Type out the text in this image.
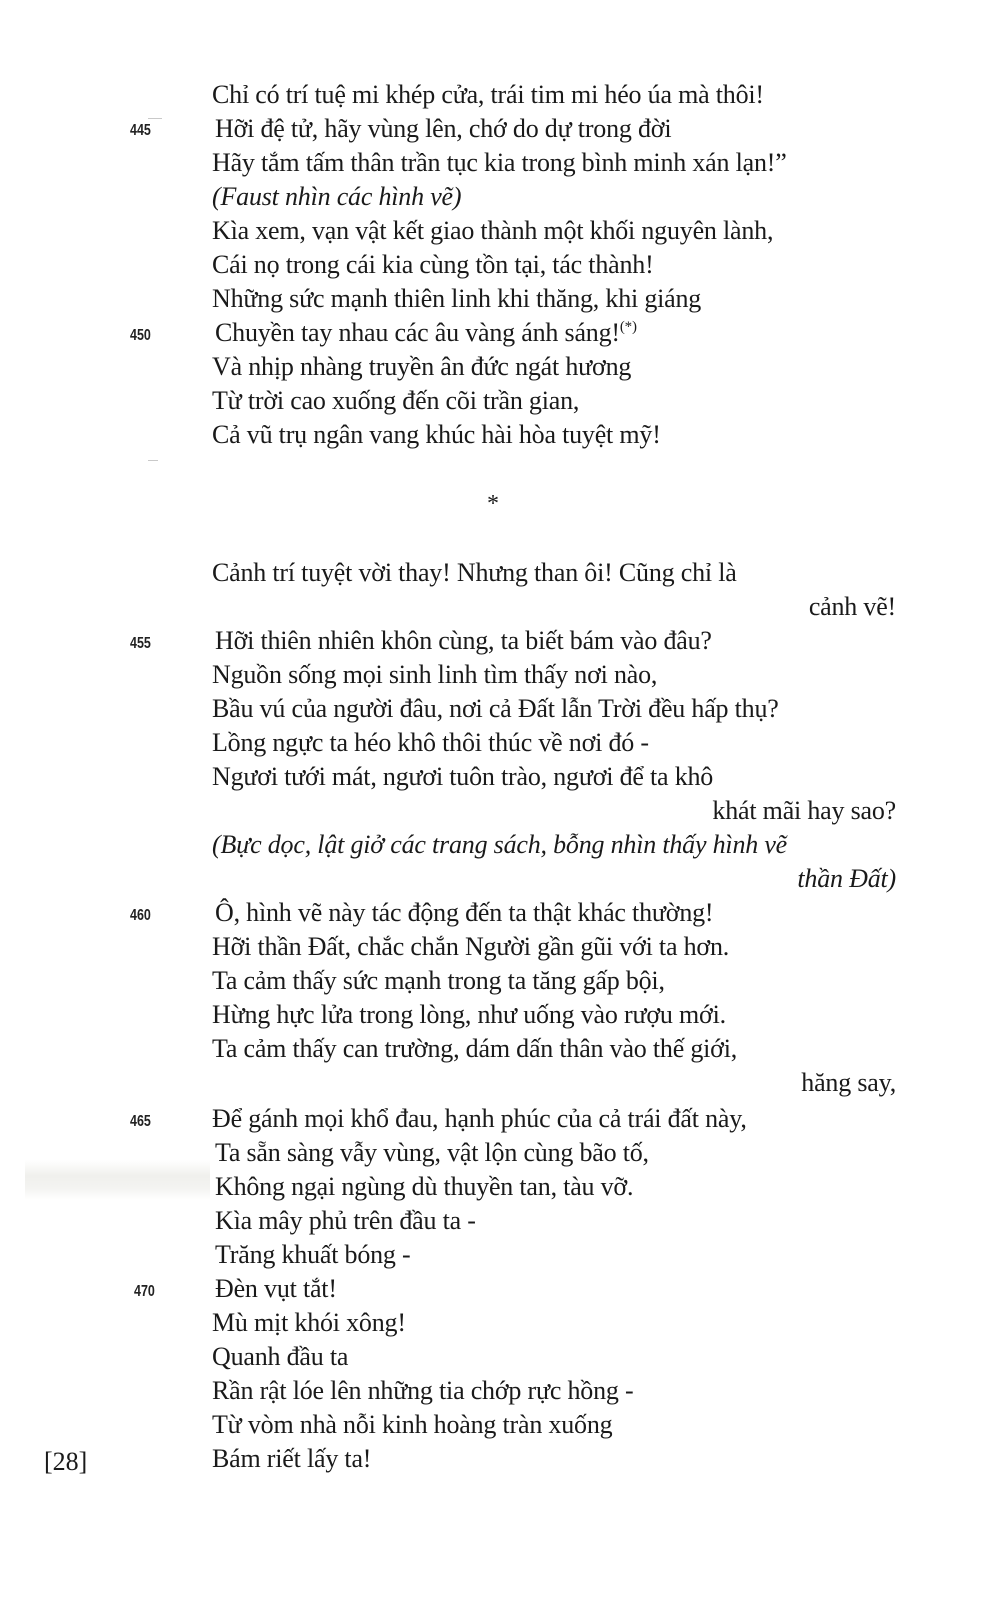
Chỉ có trí tuệ mi khép cửa, trái tim mi héo úa mà thôi!
445 Hỡi đệ tử, hãy vùng lên, chớ do dự trong đời
Hãy tắm tấm thân trần tục kia trong bình minh xán lạn!”
(Faust nhìn các hình vẽ)
Kìa xem, vạn vật kết giao thành một khối nguyên lành,
Cái nọ trong cái kia cùng tồn tại, tác thành!
Những sức mạnh thiên linh khi thăng, khi giáng
450 Chuyền tay nhau các âu vàng ánh sáng!(*)
Và nhịp nhàng truyền ân đức ngát hương
Từ trời cao xuống đến cõi trần gian,
Cả vũ trụ ngân vang khúc hài hòa tuyệt mỹ!
*
Cảnh trí tuyệt vời thay! Nhưng than ôi! Cũng chỉ là
cảnh vẽ!
455 Hỡi thiên nhiên khôn cùng, ta biết bám vào đâu?
Nguồn sống mọi sinh linh tìm thấy nơi nào,
Bầu vú của người đâu, nơi cả Đất lẫn Trời đều hấp thụ?
Lồng ngực ta héo khô thôi thúc về nơi đó -
Ngươi tưới mát, ngươi tuôn trào, ngươi để ta khô
khát mãi hay sao?
(Bực dọc, lật giở các trang sách, bỗng nhìn thấy hình vẽ
thần Đất)
460 Ô, hình vẽ này tác động đến ta thật khác thường!
Hỡi thần Đất, chắc chắn Người gần gũi với ta hơn.
Ta cảm thấy sức mạnh trong ta tăng gấp bội,
Hừng hực lửa trong lòng, như uống vào rượu mới.
Ta cảm thấy can trường, dám dấn thân vào thế giới,
hăng say,
465 Để gánh mọi khổ đau, hạnh phúc của cả trái đất này,
Ta sẵn sàng vẫy vùng, vật lộn cùng bão tố,
Không ngại ngùng dù thuyền tan, tàu vỡ.
Kìa mây phủ trên đầu ta -
Trăng khuất bóng -
470 Đèn vụt tắt!
Mù mịt khói xông!
Quanh đầu ta
Rần rật lóe lên những tia chớp rực hồng -
Từ vòm nhà nỗi kinh hoàng tràn xuống
Bám riết lấy ta!
[28]
